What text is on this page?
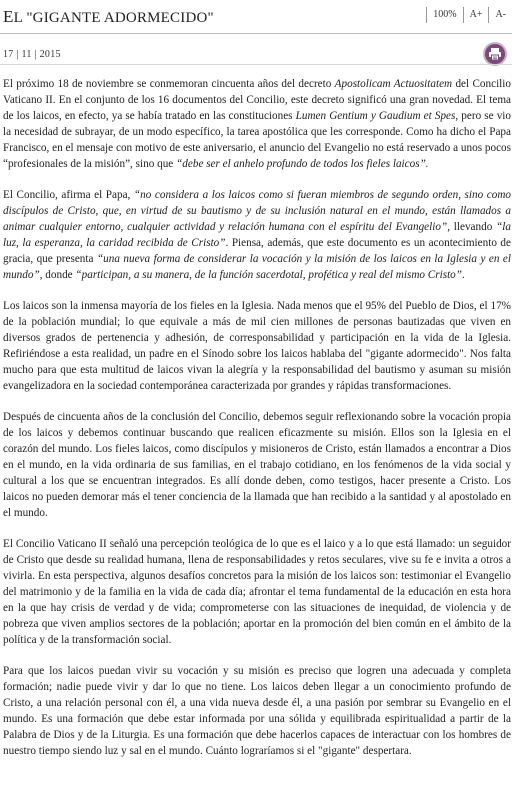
EL "GIGANTE ADORMECIDO"	100% A+ A-
17 | 11 | 2015

El próximo 18 de noviembre se conmemoran cincuenta años del decreto Apostolicam Actuositatem del Concilio Vaticano II. En el conjunto de los 16 documentos del Concilio, este decreto significó una gran novedad. El tema de los laicos, en efecto, ya se había tratado en las constituciones Lumen Gentium y Gaudium et Spes, pero se vio la necesidad de subrayar, de un modo específico, la tarea apostólica que les corresponde. Como ha dicho el Papa Francisco, en el mensaje con motivo de este aniversario, el anuncio del Evangelio no está reservado a unos pocos “profesionales de la misión”, sino que “debe ser el anhelo profundo de todos los fieles laicos”.

El Concilio, afirma el Papa, “no considera a los laicos como si fueran miembros de segundo orden, sino como discípulos de Cristo, que, en virtud de su bautismo y de su inclusión natural en el mundo, están llamados a animar cualquier entorno, cualquier actividad y relación humana con el espíritu del Evangelio”, llevando “la luz, la esperanza, la caridad recibida de Cristo”. Piensa, además, que este documento es un acontecimiento de gracia, que presenta “una nueva forma de considerar la vocación y la misión de los laicos en la Iglesia y en el mundo”, donde “participan, a su manera, de la función sacerdotal, profética y real del mismo Cristo”.

Los laicos son la inmensa mayoría de los fieles en la Iglesia. Nada menos que el 95% del Pueblo de Dios, el 17% de la población mundial; lo que equivale a más de mil cien millones de personas bautizadas que viven en diversos grados de pertenencia y adhesión, de corresponsabilidad y participación en la vida de la Iglesia. Refiriéndose a esta realidad, un padre en el Sínodo sobre los laicos hablaba del "gigante adormecido". Nos falta mucho para que esta multitud de laicos vivan la alegría y la responsabilidad del bautismo y asuman su misión evangelizadora en la sociedad contemporánea caracterizada por grandes y rápidas transformaciones.

Después de cincuenta años de la conclusión del Concilio, debemos seguir reflexionando sobre la vocación propia de los laicos y debemos continuar buscando que realicen eficazmente su misión. Ellos son la Iglesia en el corazón del mundo. Los fieles laicos, como discípulos y misioneros de Cristo, están llamados a encontrar a Dios en el mundo, en la vida ordinaria de sus familias, en el trabajo cotidiano, en los fenómenos de la vida social y cultural a los que se encuentran integrados. Es allí donde deben, como testigos, hacer presente a Cristo. Los laicos no pueden demorar más el tener conciencia de la llamada que han recibido a la santidad y al apostolado en el mundo.

El Concilio Vaticano II señaló una percepción teológica de lo que es el laico y a lo que está llamado: un seguidor de Cristo que desde su realidad humana, llena de responsabilidades y retos seculares, vive su fe e invita a otros a vivirla. En esta perspectiva, algunos desafíos concretos para la misión de los laicos son: testimoniar el Evangelio del matrimonio y de la familia en la vida de cada día; afrontar el tema fundamental de la educación en esta hora en la que hay crisis de verdad y de vida; comprometerse con las situaciones de inequidad, de violencia y de pobreza que viven amplios sectores de la población; aportar en la promoción del bien común en el ámbito de la política y de la transformación social.

Para que los laicos puedan vivir su vocación y su misión es preciso que logren una adecuada y completa formación; nadie puede vivir y dar lo que no tiene. Los laicos deben llegar a un conocimiento profundo de Cristo, a una relación personal con él, a una vida nueva desde él, a una pasión por sembrar su Evangelio en el mundo. Es una formación que debe estar informada por una sólida y equilibrada espiritualidad a partir de la Palabra de Dios y de la Liturgia. Es una formación que debe hacerlos capaces de interactuar con los hombres de nuestro tiempo siendo luz y sal en el mundo. Cuánto lograríamos si el "gigante" despertara.
